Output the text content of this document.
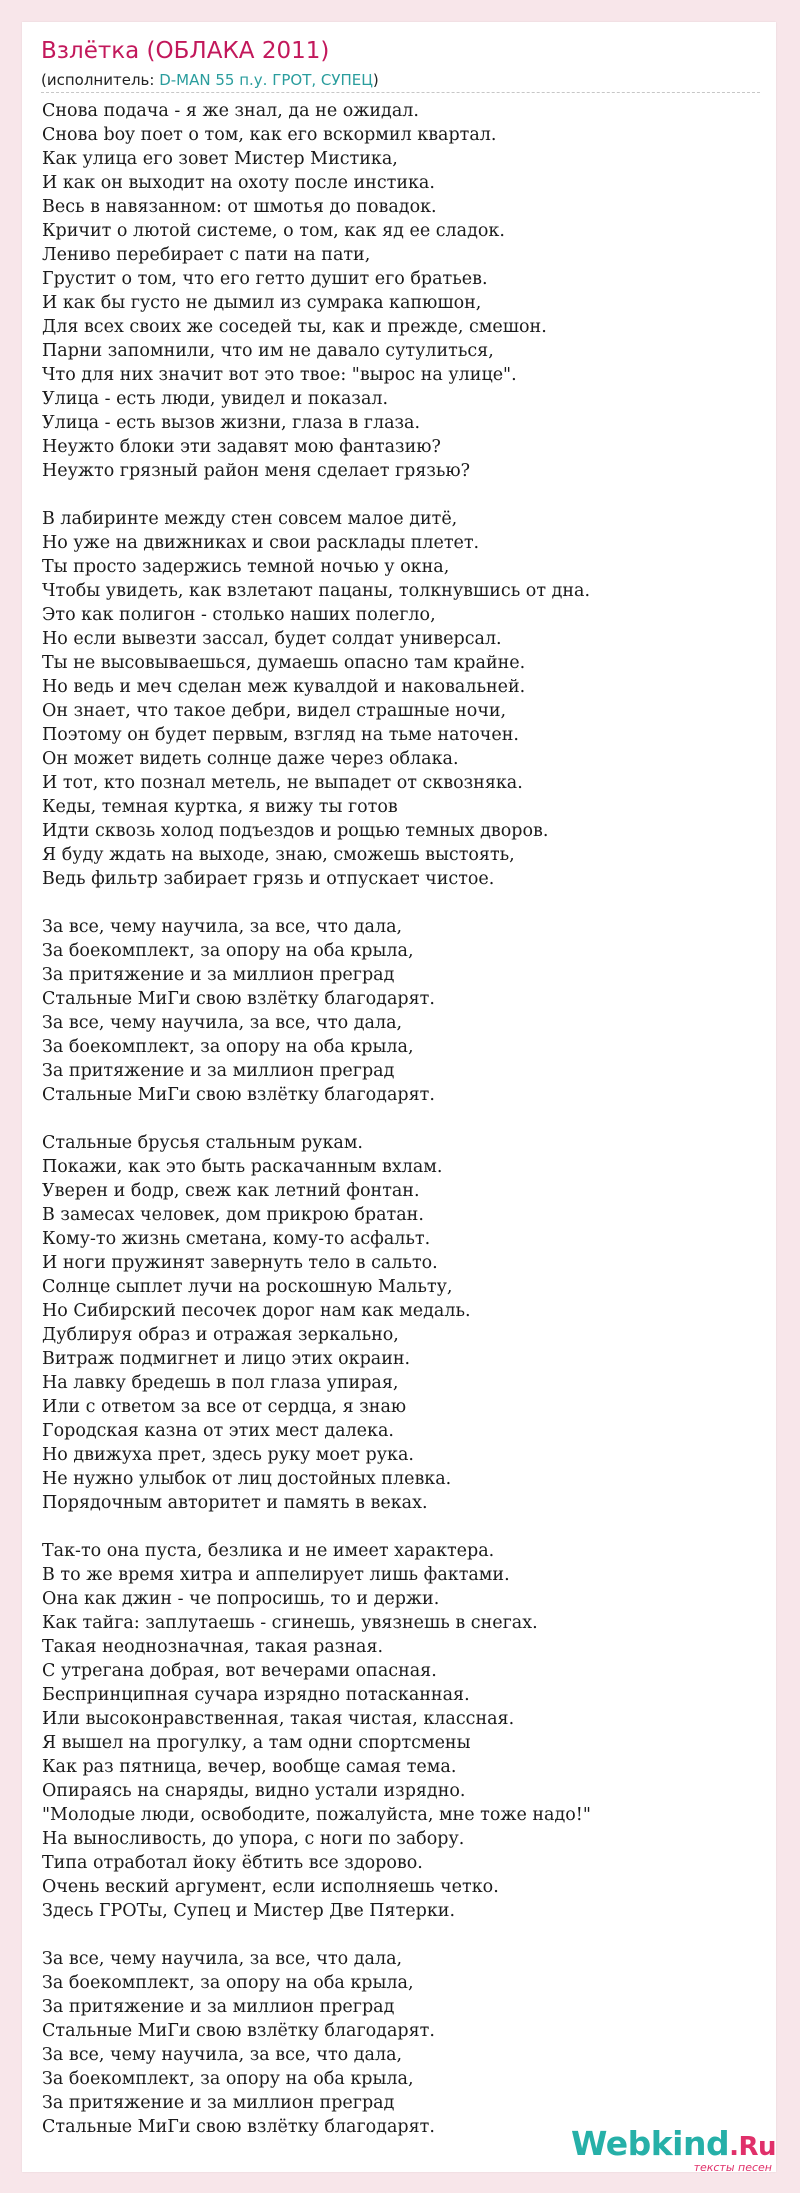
Взлётка (ОБЛАКА 2011)
(исполнитель: D-MAN 55 п.у. ГРОТ, СУПЕЦ)
Снова подача - я же знал, да не ожидал.
Снова boy поет о том, как его вскормил квартал.
Как улица его зовет Мистер Мистика,
И как он выходит на охоту после инстика.
Весь в навязанном: от шмотья до повадок.
Кричит о лютой системе, о том, как яд ее сладок.
Лениво перебирает с пати на пати,
Грустит о том, что его гетто душит его братьев.
И как бы густо не дымил из сумрака капюшон,
Для всех своих же соседей ты, как и прежде, смешон.
Парни запомнили, что им не давало сутулиться,
Что для них значит вот это твое: "вырос на улице".
Улица - есть люди, увидел и показал.
Улица - есть вызов жизни, глаза в глаза.
Неужто блоки эти задавят мою фантазию?
Неужто грязный район меня сделает грязью?
В лабиринте между стен совсем малое дитё,
Но уже на движниках и свои расклады плетет.
Ты просто задержись темной ночью у окна,
Чтобы увидеть, как взлетают пацаны, толкнувшись от дна.
Это как полигон - столько наших полегло,
Но если вывезти зассал, будет солдат универсал.
Ты не высовываешься, думаешь опасно там крайне.
Но ведь и меч сделан меж кувалдой и наковальней.
Он знает, что такое дебри, видел страшные ночи,
Поэтому он будет первым, взгляд на тьме наточен.
Он может видеть солнце даже через облака.
И тот, кто познал метель, не выпадет от сквозняка.
Кеды, темная куртка, я вижу ты готов
Идти сквозь холод подъездов и рощью темных дворов.
Я буду ждать на выходе, знаю, сможешь выстоять,
Ведь фильтр забирает грязь и отпускает чистое.
За все, чему научила, за все, что дала,
За боекомплект, за опору на оба крыла,
За притяжение и за миллион преград
Стальные МиГи свою взлётку благодарят.
За все, чему научила, за все, что дала,
За боекомплект, за опору на оба крыла,
За притяжение и за миллион преград
Стальные МиГи свою взлётку благодарят.
Стальные брусья стальным рукам.
Покажи, как это быть раскачанным вхлам.
Уверен и бодр, свеж как летний фонтан.
В замесах человек, дом прикрою братан.
Кому-то жизнь сметана, кому-то асфальт.
И ноги пружинят завернуть тело в сальто.
Солнце сыплет лучи на роскошную Мальту,
Но Сибирский песочек дорог нам как медаль.
Дублируя образ и отражая зеркально,
Витраж подмигнет и лицо этих окраин.
На лавку бредешь в пол глаза упирая,
Или с ответом за все от сердца, я знаю
Городская казна от этих мест далека.
Но движуха прет, здесь руку моет рука.
Не нужно улыбок от лиц достойных плевка.
Порядочным авторитет и память в веках.
Так-то она пуста, безлика и не имеет характера.
В то же время хитра и аппелирует лишь фактами.
Она как джин - че попросишь, то и держи.
Как тайга: заплутаешь - сгинешь, увязнешь в снегах.
Такая неоднозначная, такая разная.
С утрегана добрая, вот вечерами опасная.
Беспринципная сучара изрядно потасканная.
Или высоконравственная, такая чистая, классная.
Я вышел на прогулку, а там одни спортсмены
Как раз пятница, вечер, вообще самая тема.
Опираясь на снаряды, видно устали изрядно.
"Молодые люди, освободите, пожалуйста, мне тоже надо!"
На выносливость, до упора, с ноги по забору.
Типа отработал йоку ёбтить все здорово.
Очень веский аргумент, если исполняешь четко.
Здесь ГРОТы, Супец и Мистер Две Пятерки.
За все, чему научила, за все, что дала,
За боекомплект, за опору на оба крыла,
За притяжение и за миллион преград
Стальные МиГи свою взлётку благодарят.
За все, чему научила, за все, что дала,
За боекомплект, за опору на оба крыла,
За притяжение и за миллион преград
Стальные МиГи свою взлётку благодарят.	Webkind.Ru
тексты песен
